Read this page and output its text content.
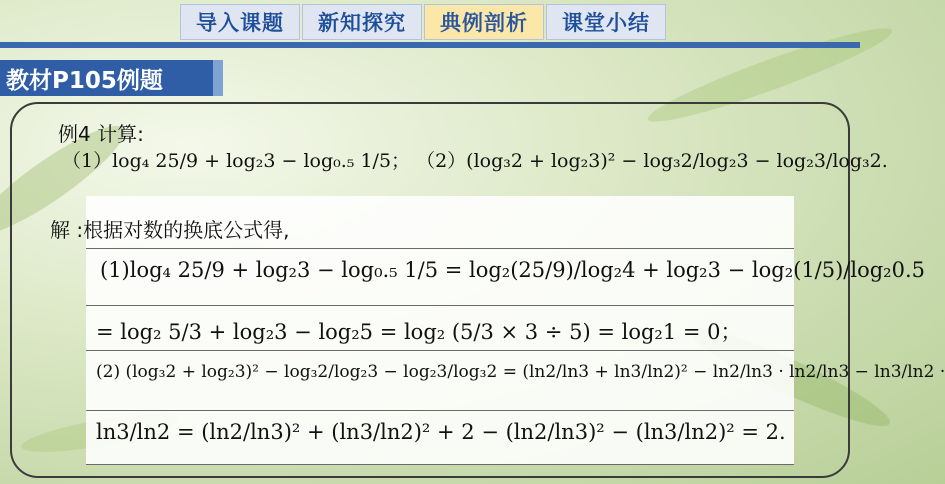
导入课题	新知探究	典例剖析	课堂小结
教材P105例题
例4 计算:
（1）log₄ 25/9 + log₂3 − log₀.₅ 1/5； （2）(log₃2 + log₂3)² − log₃2/log₂3 − log₂3/log₃2.
解 :根据对数的换底公式得,
(1)log₄ 25/9 + log₂3 − log₀.₅ 1/5 = log₂(25/9)/log₂4 + log₂3 − log₂(1/5)/log₂0.5
= log₂ 5/3 + log₂3 − log₂5 = log₂ (5/3 × 3 ÷ 5) = log₂1 = 0；
(2) (log₃2 + log₂3)² − log₃2/log₂3 − log₂3/log₃2 = (ln2/ln3 + ln3/ln2)² − ln2/ln3 · ln2/ln3 − ln3/ln2 ·
ln3/ln2 = (ln2/ln3)² + (ln3/ln2)² + 2 − (ln2/ln3)² − (ln3/ln2)² = 2.
